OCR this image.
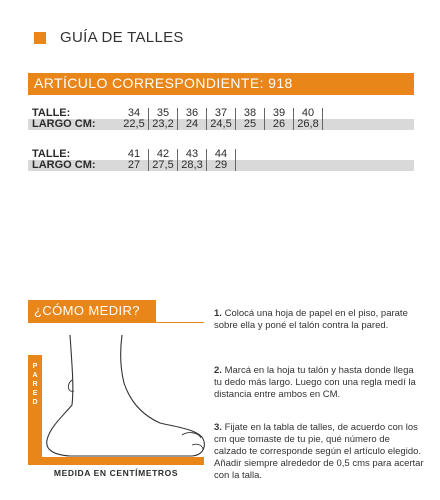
GUÍA DE TALLES
ARTÍCULO CORRESPONDIENTE: 918
TALLE:	34	35	36	37	38	39	40	
LARGO CM:	22,5	23,2	24	24,5	25	26	26,8	
TALLE:	41	42	43	44	
LARGO CM:	27	27,5	28,3	29	
¿CÓMO MEDIR?
P
A
R
E
D
MEDIDA EN CENTÍMETROS
1. Colocá una hoja de papel en el piso, parate sobre ella y poné el talón contra la pared.
2. Marcá en la hoja tu talón y hasta donde llega tu dedo más largo. Luego con una regla medí la distancia entre ambos en CM.
3. Fijate en la tabla de talles, de acuerdo con los cm que tomaste de tu pie, qué número de calzado te corresponde según el artículo elegido. Añadir siempre alrededor de 0,5 cms para acertar con la talla.
